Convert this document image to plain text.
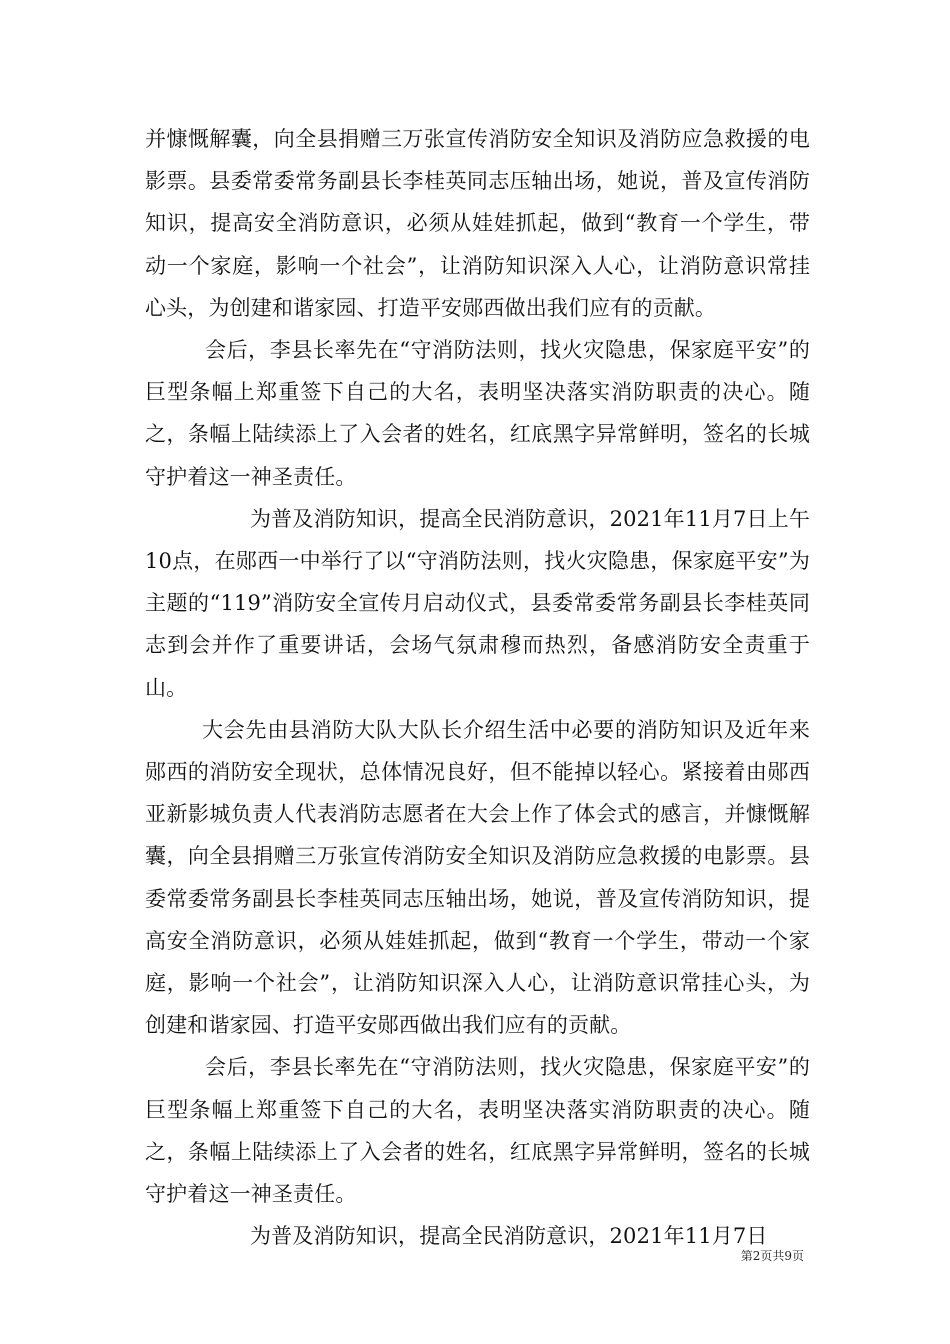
并慷慨解囊，向全县捐赠三万张宣传消防安全知识及消防应急救援的电影票。县委常委常务副县长李桂英同志压轴出场，她说，普及宣传消防知识，提高安全消防意识，必须从娃娃抓起，做到“教育一个学生，带动一个家庭，影响一个社会”，让消防知识深入人心，让消防意识常挂心头，为创建和谐家园、打造平安郧西做出我们应有的贡献。

会后，李县长率先在“守消防法则，找火灾隐患，保家庭平安”的巨型条幅上郑重签下自己的大名，表明坚决落实消防职责的决心。随之，条幅上陆续添上了入会者的姓名，红底黑字异常鲜明，签名的长城守护着这一神圣责任。

为普及消防知识，提高全民消防意识，2021年11月7日上午10点，在郧西一中举行了以“守消防法则，找火灾隐患，保家庭平安”为主题的“119”消防安全宣传月启动仪式，县委常委常务副县长李桂英同志到会并作了重要讲话，会场气氛肃穆而热烈，备感消防安全责重于山。

大会先由县消防大队大队长介绍生活中必要的消防知识及近年来郧西的消防安全现状，总体情况良好，但不能掉以轻心。紧接着由郧西亚新影城负责人代表消防志愿者在大会上作了体会式的感言，并慷慨解囊，向全县捐赠三万张宣传消防安全知识及消防应急救援的电影票。县委常委常务副县长李桂英同志压轴出场，她说，普及宣传消防知识，提高安全消防意识，必须从娃娃抓起，做到“教育一个学生，带动一个家庭，影响一个社会”，让消防知识深入人心，让消防意识常挂心头，为创建和谐家园、打造平安郧西做出我们应有的贡献。

会后，李县长率先在“守消防法则，找火灾隐患，保家庭平安”的巨型条幅上郑重签下自己的大名，表明坚决落实消防职责的决心。随之，条幅上陆续添上了入会者的姓名，红底黑字异常鲜明，签名的长城守护着这一神圣责任。

为普及消防知识，提高全民消防意识，2021年11月7日

第2页共9页
